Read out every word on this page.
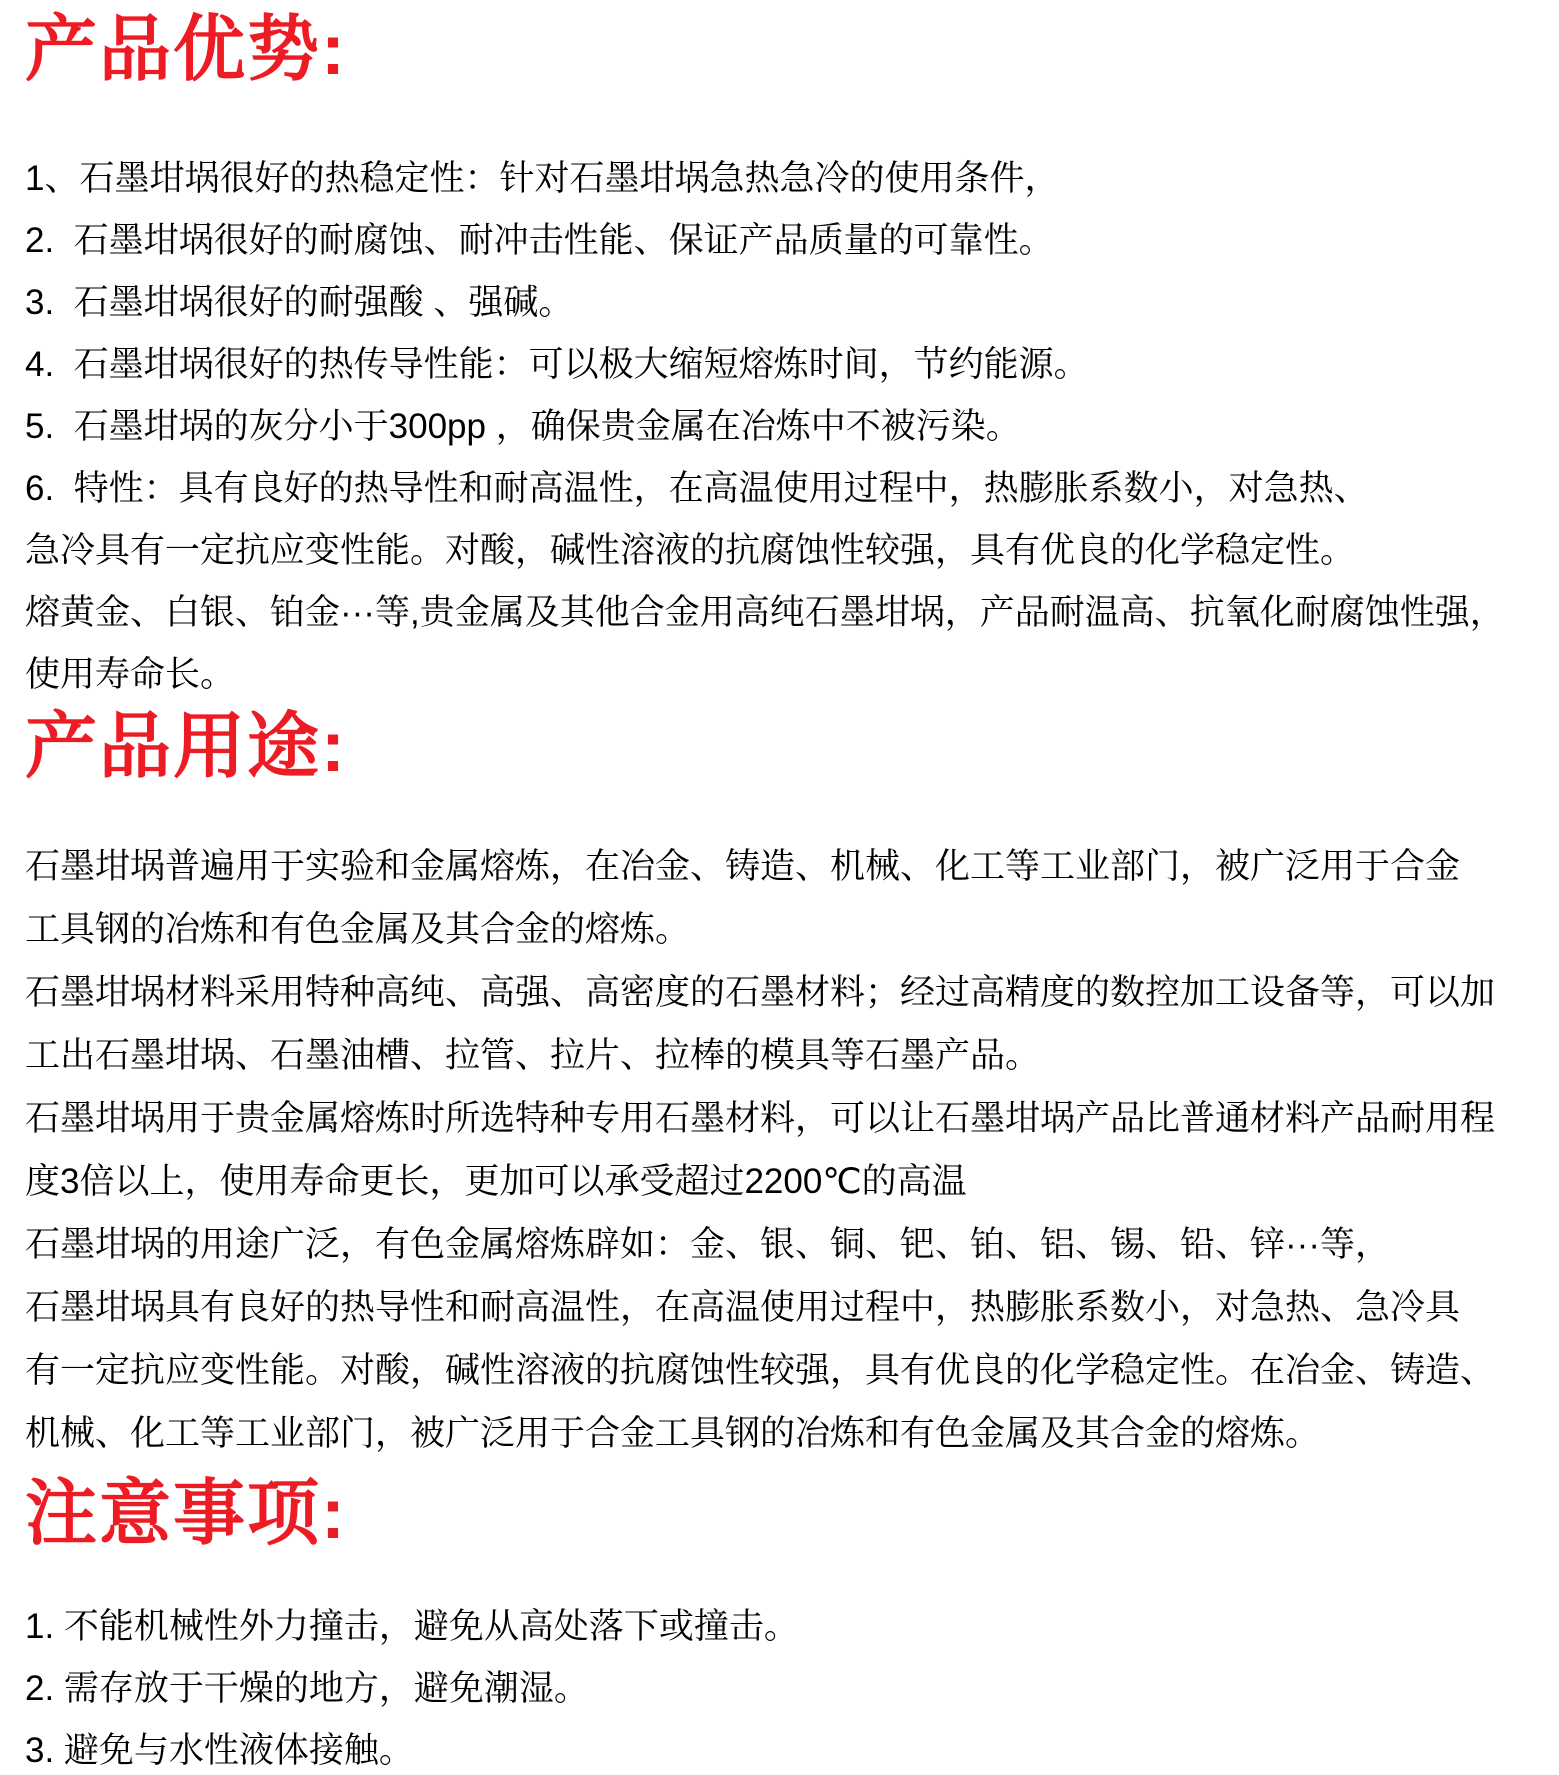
产品优势:
1、石墨坩埚很好的热稳定性：针对石墨坩埚急热急冷的使用条件，
2.  石墨坩埚很好的耐腐蚀、耐冲击性能、保证产品质量的可靠性。
3.  石墨坩埚很好的耐强酸 、强碱。
4.  石墨坩埚很好的热传导性能：可以极大缩短熔炼时间，节约能源。
5.  石墨坩埚的灰分小于300pp ，确保贵金属在冶炼中不被污染。
6.  特性：具有良好的热导性和耐高温性，在高温使用过程中，热膨胀系数小，对急热、
急冷具有一定抗应变性能。对酸，碱性溶液的抗腐蚀性较强，具有优良的化学稳定性。
熔黄金、白银、铂金···等,贵金属及其他合金用高纯石墨坩埚，产品耐温高、抗氧化耐腐蚀性强，
使用寿命长。
产品用途:
石墨坩埚普遍用于实验和金属熔炼，在冶金、铸造、机械、化工等工业部门，被广泛用于合金
工具钢的冶炼和有色金属及其合金的熔炼。
石墨坩埚材料采用特种高纯、高强、高密度的石墨材料；经过高精度的数控加工设备等，可以加
工出石墨坩埚、石墨油槽、拉管、拉片、拉棒的模具等石墨产品。
石墨坩埚用于贵金属熔炼时所选特种专用石墨材料，可以让石墨坩埚产品比普通材料产品耐用程
度3倍以上，使用寿命更长，更加可以承受超过2200℃的高温
石墨坩埚的用途广泛，有色金属熔炼辟如：金、银、铜、钯、铂、铝、锡、铅、锌···等，
石墨坩埚具有良好的热导性和耐高温性，在高温使用过程中，热膨胀系数小，对急热、急冷具
有一定抗应变性能。对酸，碱性溶液的抗腐蚀性较强，具有优良的化学稳定性。在冶金、铸造、
机械、化工等工业部门，被广泛用于合金工具钢的冶炼和有色金属及其合金的熔炼。
注意事项:
1. 不能机械性外力撞击，避免从高处落下或撞击。
2. 需存放于干燥的地方，避免潮湿。
3. 避免与水性液体接触。
